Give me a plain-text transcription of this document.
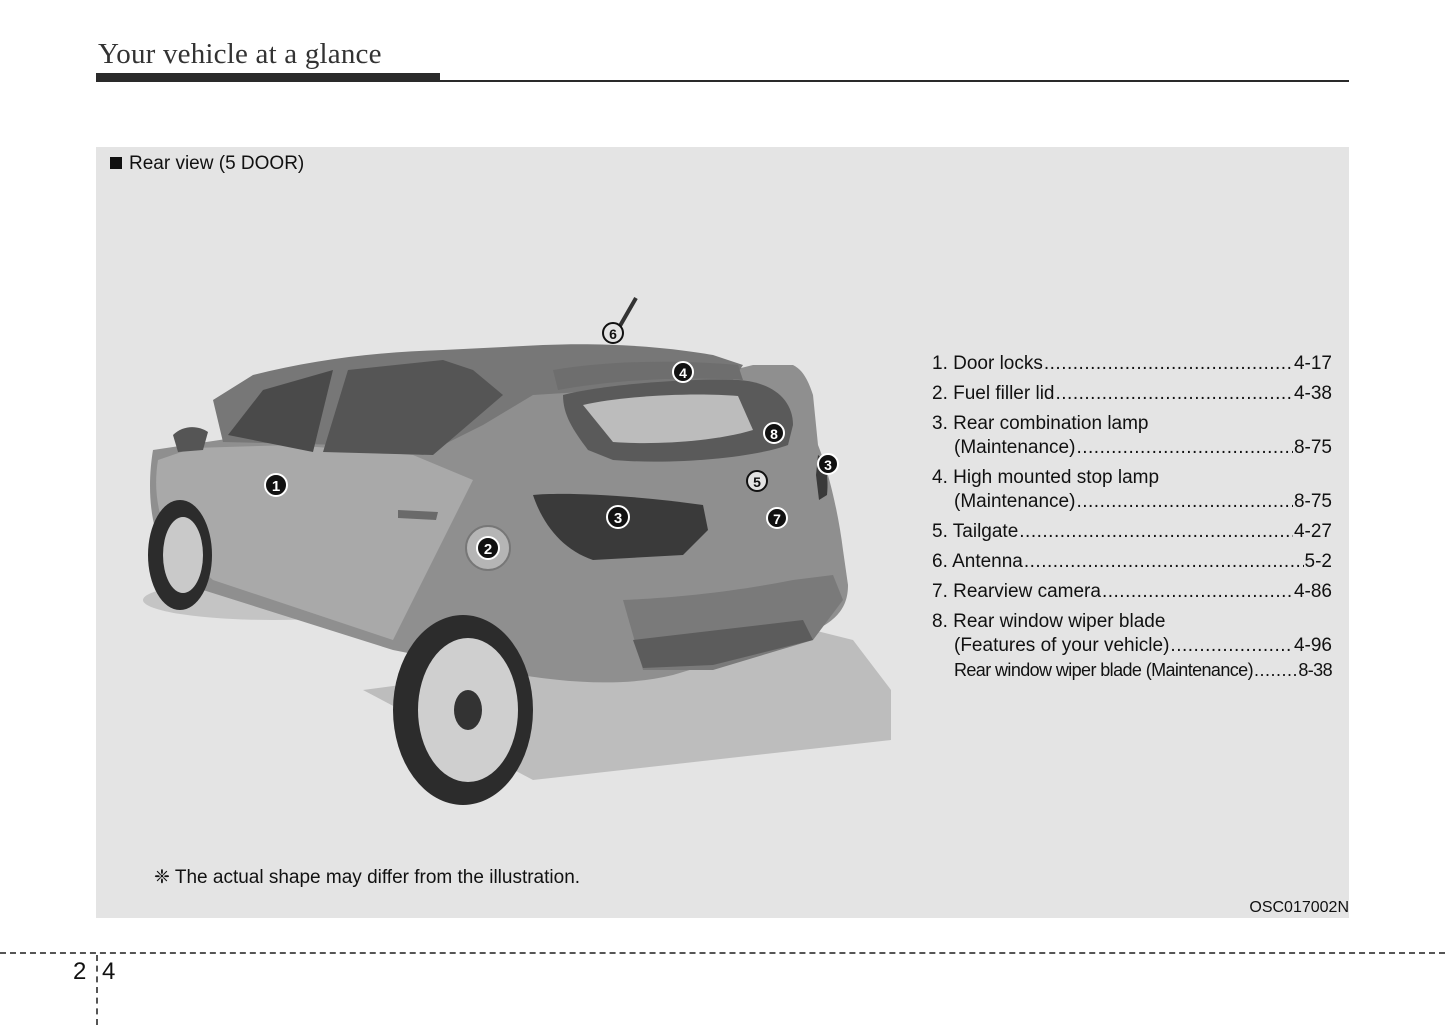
Your vehicle at a glance
Rear view (5 DOOR)
1
2
3
3
4
5
6
7
8
1. Door locks .....	4-17
2. Fuel filler lid .....	4-38
3. Rear combination lamp
(Maintenance) .....	8-75
4. High mounted stop lamp
(Maintenance) .....	8-75
5. Tailgate .....	4-27
6. Antenna .....	5-2
7. Rearview camera .....	4-86
8. Rear window wiper blade
(Features of your vehicle) .....	4-96
Rear window wiper blade (Maintenance) .....	8-38
❈ The actual shape may differ from the illustration.
OSC017002N
2 4
